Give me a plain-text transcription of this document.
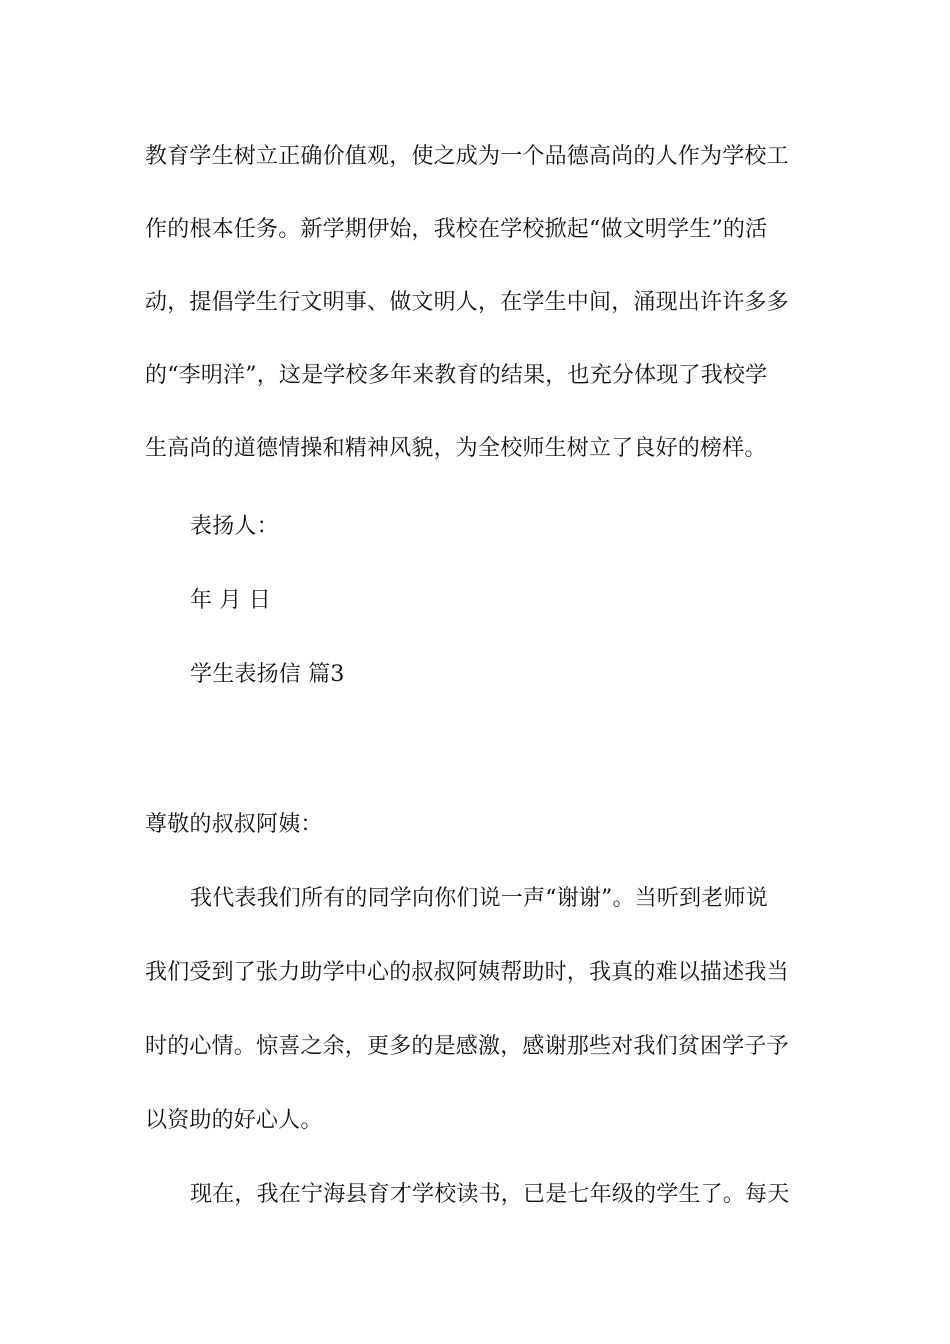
教育学生树立正确价值观，使之成为一个品德高尚的人作为学校工
作的根本任务。新学期伊始，我校在学校掀起“做文明学生”的活
动，提倡学生行文明事、做文明人，在学生中间，涌现出许许多多
的“李明洋”，这是学校多年来教育的结果，也充分体现了我校学
生高尚的道德情操和精神风貌，为全校师生树立了良好的榜样。
表扬人：
年 月 日
学生表扬信 篇3
尊敬的叔叔阿姨：
我代表我们所有的同学向你们说一声“谢谢”。当听到老师说
我们受到了张力助学中心的叔叔阿姨帮助时，我真的难以描述我当
时的心情。惊喜之余，更多的是感激，感谢那些对我们贫困学子予
以资助的好心人。
现在，我在宁海县育才学校读书，已是七年级的学生了。每天
